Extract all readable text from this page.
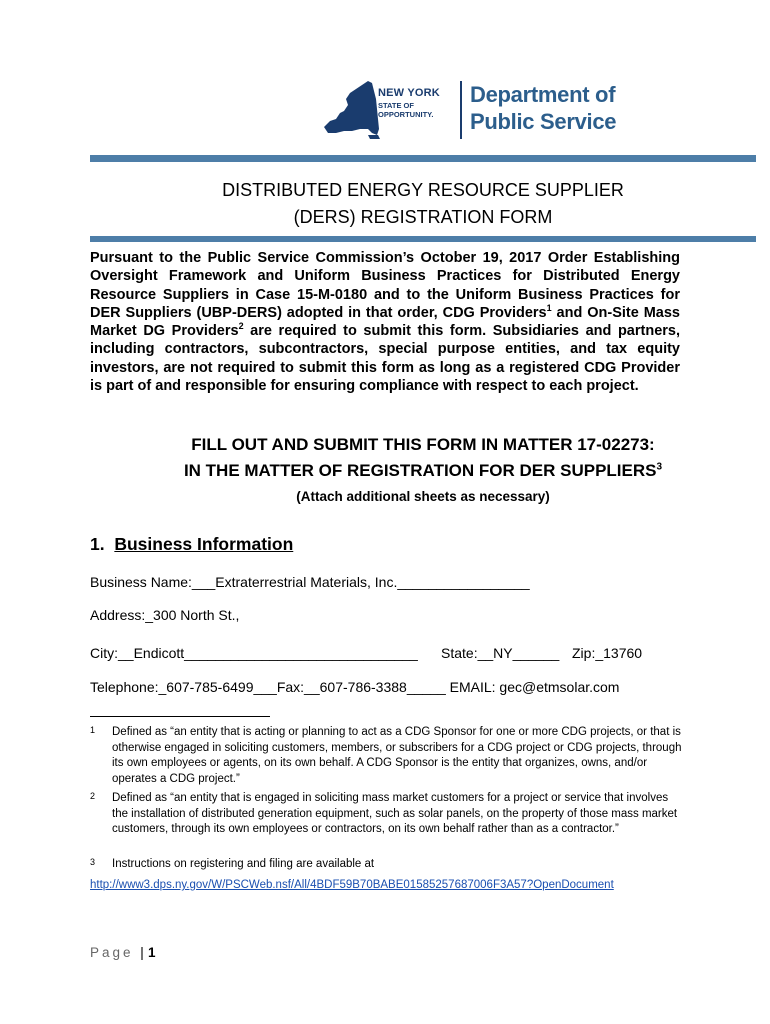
NEW YORK
STATE OF OPPORTUNITY.
Department of
Public Service
DISTRIBUTED ENERGY RESOURCE SUPPLIER
(DERS) REGISTRATION FORM
Pursuant to the Public Service Commission’s October 19, 2017 Order Establishing Oversight Framework and Uniform Business Practices for Distributed Energy Resource Suppliers in Case 15-M-0180 and to the Uniform Business Practices for DER Suppliers (UBP-DERS) adopted in that order, CDG Providers$^1$ and On-Site Mass Market DG Providers$^2$ are required to submit this form. Subsidiaries and partners, including contractors, subcontractors, special purpose entities, and tax equity investors, are not required to submit this form as long as a registered CDG Provider is part of and responsible for ensuring compliance with respect to each project.
FILL OUT AND SUBMIT THIS FORM IN MATTER 17-02273:
IN THE MATTER OF REGISTRATION FOR DER SUPPLIERS$^3$
(Attach additional sheets as necessary)
1. Business Information
Business Name:___Extraterrestrial Materials, Inc._________________
Address:_300 North St.,
City:__Endicott______________________________ State:__NY______ Zip:_13760
Telephone:_607-785-6499___Fax:__607-786-3388_____ EMAIL: gec@etmsolar.com
1 Defined as “an entity that is acting or planning to act as a CDG Sponsor for one or more CDG projects, or that is otherwise engaged in soliciting customers, members, or subscribers for a CDG project or CDG projects, through its own employees or agents, on its own behalf. A CDG Sponsor is the entity that organizes, owns, and/or operates a CDG project.”
2 Defined as “an entity that is engaged in soliciting mass market customers for a project or service that involves the installation of distributed generation equipment, such as solar panels, on the property of those mass market customers, through its own employees or contractors, on its own behalf rather than as a contractor.”
3 Instructions on registering and filing are available at
http://www3.dps.ny.gov/W/PSCWeb.nsf/All/4BDF59B70BABE01585257687006F3A57?OpenDocument
Page | 1
